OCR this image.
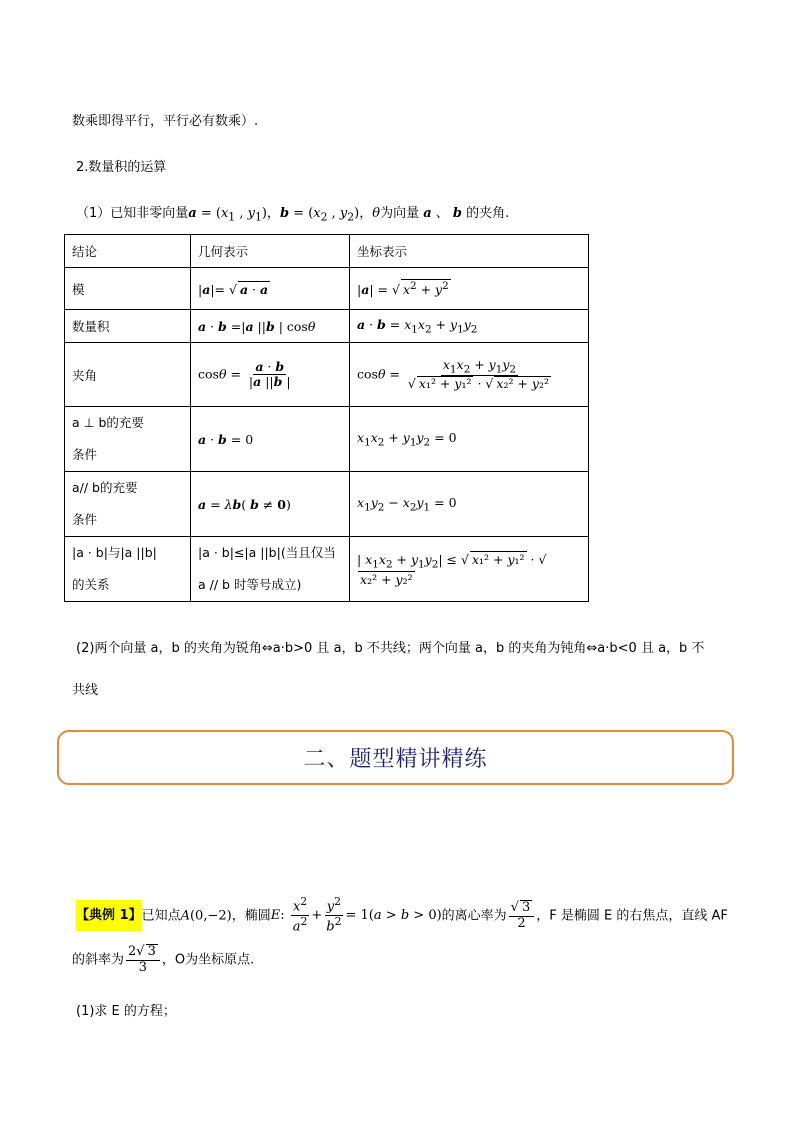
数乘即得平行，平行必有数乘）.
2.数量积的运算
（1）已知非零向量$a = (x_1$ , $y_1$)，$b = (x_2$ , $y_2$)，θ为向量 a 、 b 的夹角.
结论	几何表示	坐标表示
模	|a|= √ a · a	|a| = √ $x^2 + y^2$
数量积	a · b =|a ||b | cosθ	$a \cdot b = x_1x_2 + y_1y_2$
夹角	$\cos\theta = \frac{a \cdot b}{|a ||b |}$	$\cos\theta = \frac{x_1x_2 + y_1y_2}{\text{√ x₁² + y₁² · √ x₂² + y₂²}}$

a ⊥ b的充要
条件	a · b = 0	$x_1x_2 + y_1y_2 = 0$
a// b的充要
条件	a = λb( b ≠ 0)	$x_1y_2 - x_2y_1 = 0$
|a · b|与|a ||b|
的关系	|a · b|≤|a ||b|(当且仅当
a // b 时等号成立)	| $x_1x_2 + y_1y_2|$ ≤ √ x₁² + y₁² · √x₂² + y₂²
(2)两个向量 a，b 的夹角为锐角⇔a·b>0 且 a，b 不共线；两个向量 a，b 的夹角为钝角⇔a·b<0 且 a，b 不
共线
二、题型精讲精练
【典例 1】已知点A(0,−2)，椭圆E: $\frac{x^2}{a^2} + \frac{y^2}{b^2} = 1(a > b > 0)$的离心率为 $\frac{√ 3}{2}$ ，F 是椭圆 E 的右焦点，直线 AF
的斜率为 $\frac{2√ 3}{3}$ ，O为坐标原点.
(1)求 E 的方程；
